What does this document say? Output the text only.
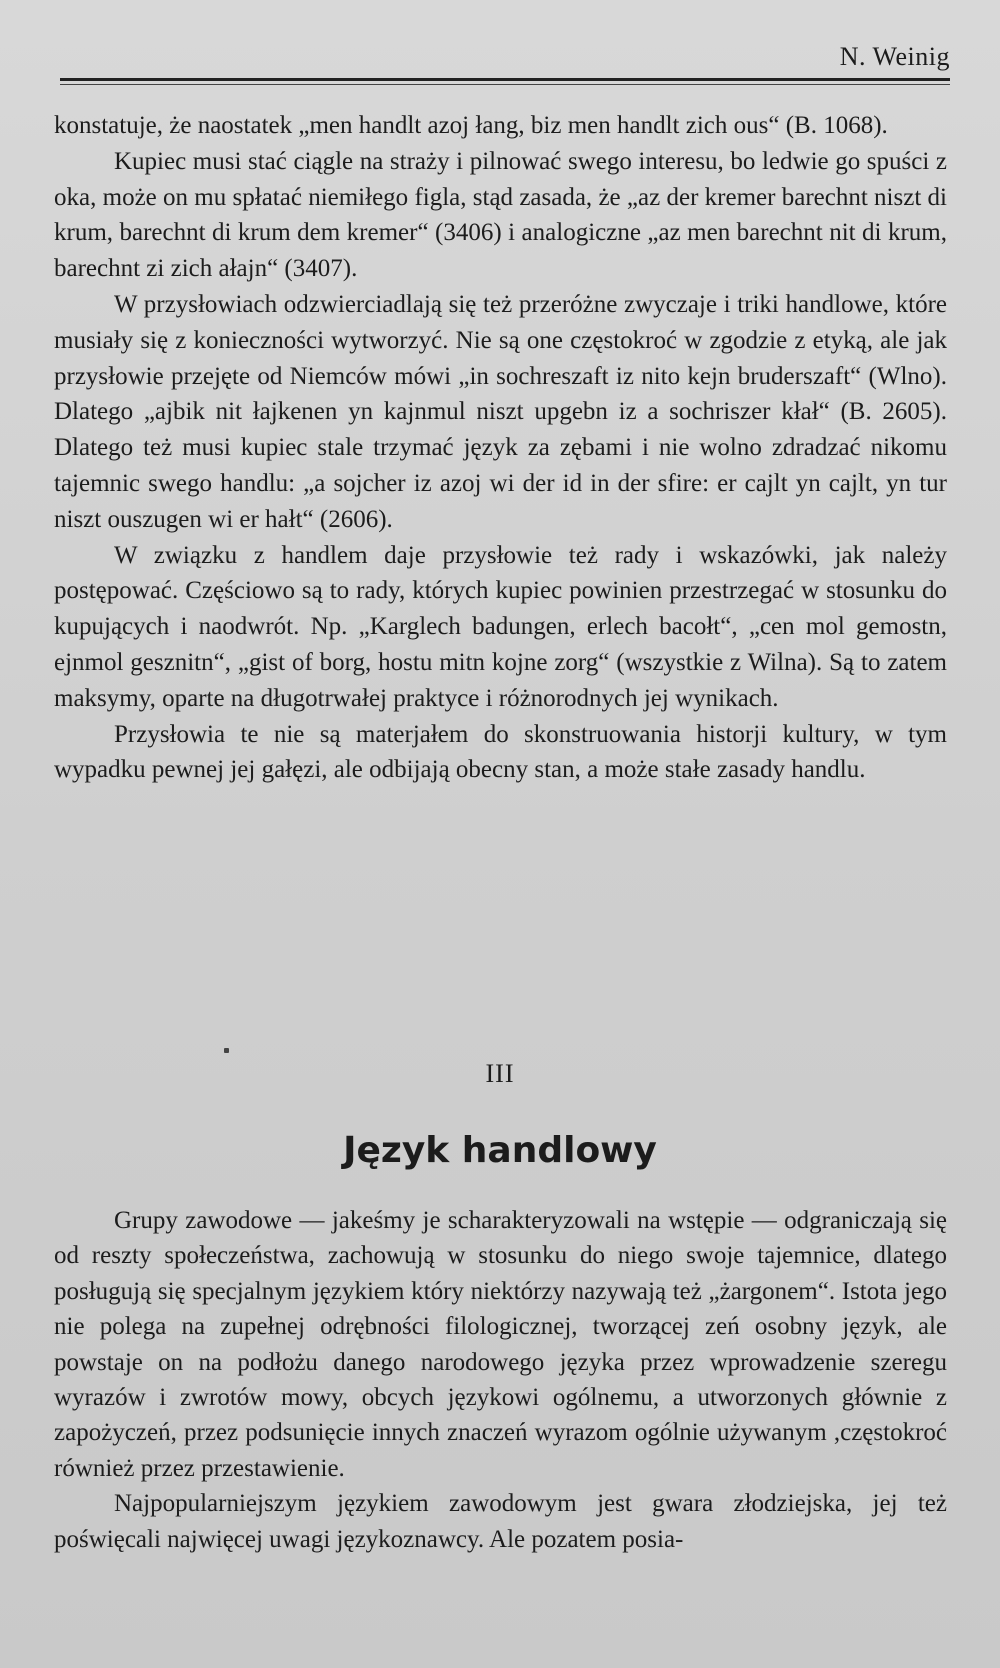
N. Weinig

konstatuje, że naostatek „men handlt azoj łang, biz men handlt zich ous“ (B. 1068).

Kupiec musi stać ciągle na straży i pilnować swego interesu, bo ledwie go spuści z oka, może on mu spłatać niemiłego figla, stąd zasada, że „az der kremer barechnt niszt di krum, barechnt di krum dem kremer“ (3406) i analogiczne „az men barechnt nit di krum, barechnt zi zich ałajn“ (3407).

W przysłowiach odzwierciadlają się też przeróżne zwyczaje i triki handlowe, które musiały się z konieczności wytworzyć. Nie są one częstokroć w zgodzie z etyką, ale jak przysłowie przejęte od Niemców mówi „in sochreszaft iz nito kejn bruderszaft“ (Wlno). Dlatego „ajbik nit łajkenen yn kajnmul niszt upgebn iz a sochriszer kłał“ (B. 2605). Dlatego też musi kupiec stale trzymać język za zębami i nie wolno zdradzać nikomu tajemnic swego handlu: „a sojcher iz azoj wi der id in der sfire: er cajlt yn cajlt, yn tur niszt ouszugen wi er hałt“ (2606).

W związku z handlem daje przysłowie też rady i wskazówki, jak należy postępować. Częściowo są to rady, których kupiec powinien przestrzegać w stosunku do kupujących i naodwrót. Np. „Karglech badungen, erlech bacołt“, „cen mol gemostn, ejnmol gesznitn“, „gist of borg, hostu mitn kojne zorg“ (wszystkie z Wilna). Są to zatem maksymy, oparte na długotrwałej praktyce i różnorodnych jej wynikach.

Przysłowia te nie są materjałem do skonstruowania historji kultury, w tym wypadku pewnej jej gałęzi, ale odbijają obecny stan, a może stałe zasady handlu.

III
Język handlowy

Grupy zawodowe — jakeśmy je scharakteryzowali na wstępie — odgraniczają się od reszty społeczeństwa, zachowują w stosunku do niego swoje tajemnice, dlatego posługują się specjalnym językiem który niektórzy nazywają też „żargonem“. Istota jego nie polega na zupełnej odrębności filologicznej, tworzącej zeń osobny język, ale powstaje on na podłożu danego narodowego języka przez wprowadzenie szeregu wyrazów i zwrotów mowy, obcych językowi ogólnemu, a utworzonych głównie z zapożyczeń, przez podsunięcie innych znaczeń wyrazom ogólnie używanym ,częstokroć również przez przestawienie.

Najpopularniejszym językiem zawodowym jest gwara złodziejska, jej też poświęcali najwięcej uwagi językoznawcy. Ale pozatem posia-
